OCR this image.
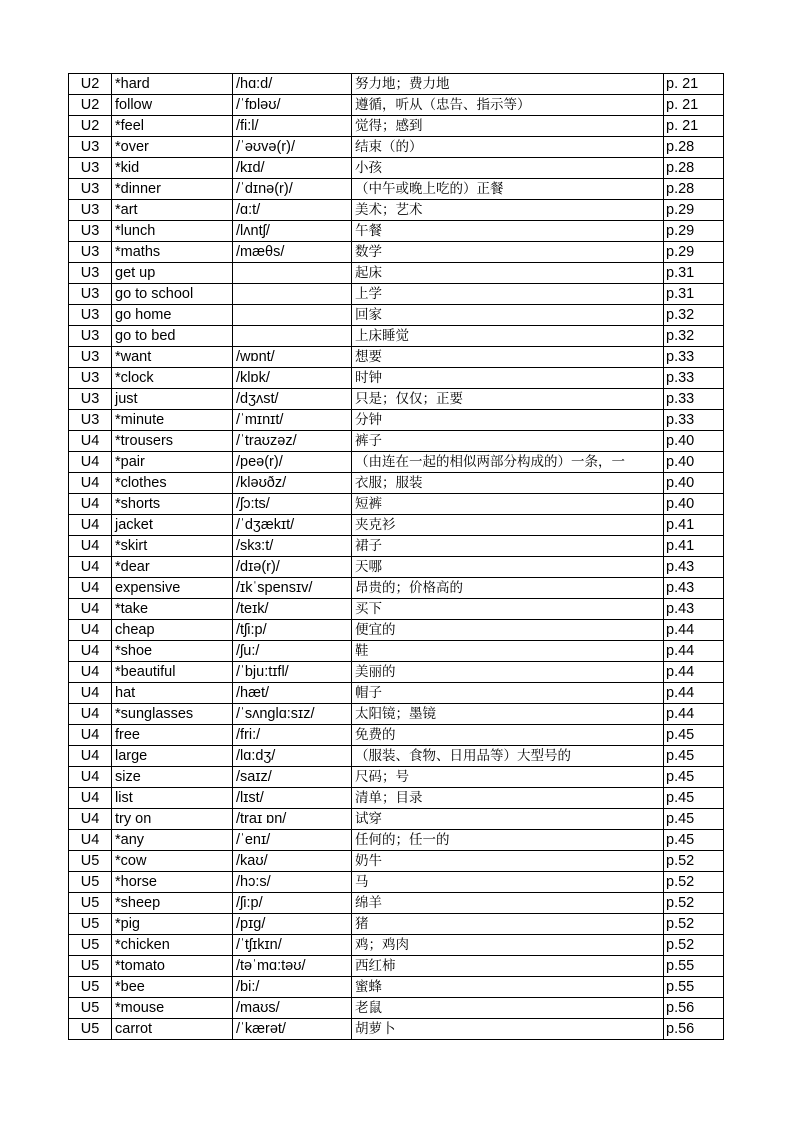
U2	*hard	/hɑ:d/	努力地；费力地	p. 21
U2	follow	/ˈfɒləʊ/	遵循，听从（忠告、指示等）	p. 21
U2	*feel	/fi:l/	觉得；感到	p. 21
U3	*over	/ˈəʊvə(r)/	结束（的）	p.28
U3	*kid	/kɪd/	小孩	p.28
U3	*dinner	/ˈdɪnə(r)/	（中午或晚上吃的）正餐	p.28
U3	*art	/ɑ:t/	美术；艺术	p.29
U3	*lunch	/lʌntʃ/	午餐	p.29
U3	*maths	/mæθs/	数学	p.29
U3	get up		起床	p.31
U3	go to school		上学	p.31
U3	go home		回家	p.32
U3	go to bed		上床睡觉	p.32
U3	*want	/wɒnt/	想要	p.33
U3	*clock	/klɒk/	时钟	p.33
U3	just	/dʒʌst/	只是；仅仅；正要	p.33
U3	*minute	/ˈmɪnɪt/	分钟	p.33
U4	*trousers	/ˈtraʊzəz/	裤子	p.40
U4	*pair	/peə(r)/	（由连在一起的相似两部分构成的）一条，一	p.40
U4	*clothes	/kləʊðz/	衣服；服装	p.40
U4	*shorts	/ʃɔ:ts/	短裤	p.40
U4	jacket	/ˈdʒækɪt/	夹克衫	p.41
U4	*skirt	/skɜ:t/	裙子	p.41
U4	*dear	/dɪə(r)/	天哪	p.43
U4	expensive	/ɪkˈspensɪv/	昂贵的；价格高的	p.43
U4	*take	/teɪk/	买下	p.43
U4	cheap	/tʃi:p/	便宜的	p.44
U4	*shoe	/ʃu:/	鞋	p.44
U4	*beautiful	/ˈbju:tɪfl/	美丽的	p.44
U4	hat	/hæt/	帽子	p.44
U4	*sunglasses	/ˈsʌnglɑ:sɪz/	太阳镜；墨镜	p.44
U4	free	/fri:/	免费的	p.45
U4	large	/lɑ:dʒ/	（服装、食物、日用品等）大型号的	p.45
U4	size	/saɪz/	尺码；号	p.45
U4	list	/lɪst/	清单；目录	p.45
U4	try on	/traɪ ɒn/	试穿	p.45
U4	*any	/ˈenɪ/	任何的；任一的	p.45
U5	*cow	/kaʊ/	奶牛	p.52
U5	*horse	/hɔ:s/	马	p.52
U5	*sheep	/ʃi:p/	绵羊	p.52
U5	*pig	/pɪg/	猪	p.52
U5	*chicken	/ˈtʃɪkɪn/	鸡；鸡肉	p.52
U5	*tomato	/təˈmɑ:təʊ/	西红柿	p.55
U5	*bee	/bi:/	蜜蜂	p.55
U5	*mouse	/maʊs/	老鼠	p.56
U5	carrot	/ˈkærət/	胡萝卜	p.56
